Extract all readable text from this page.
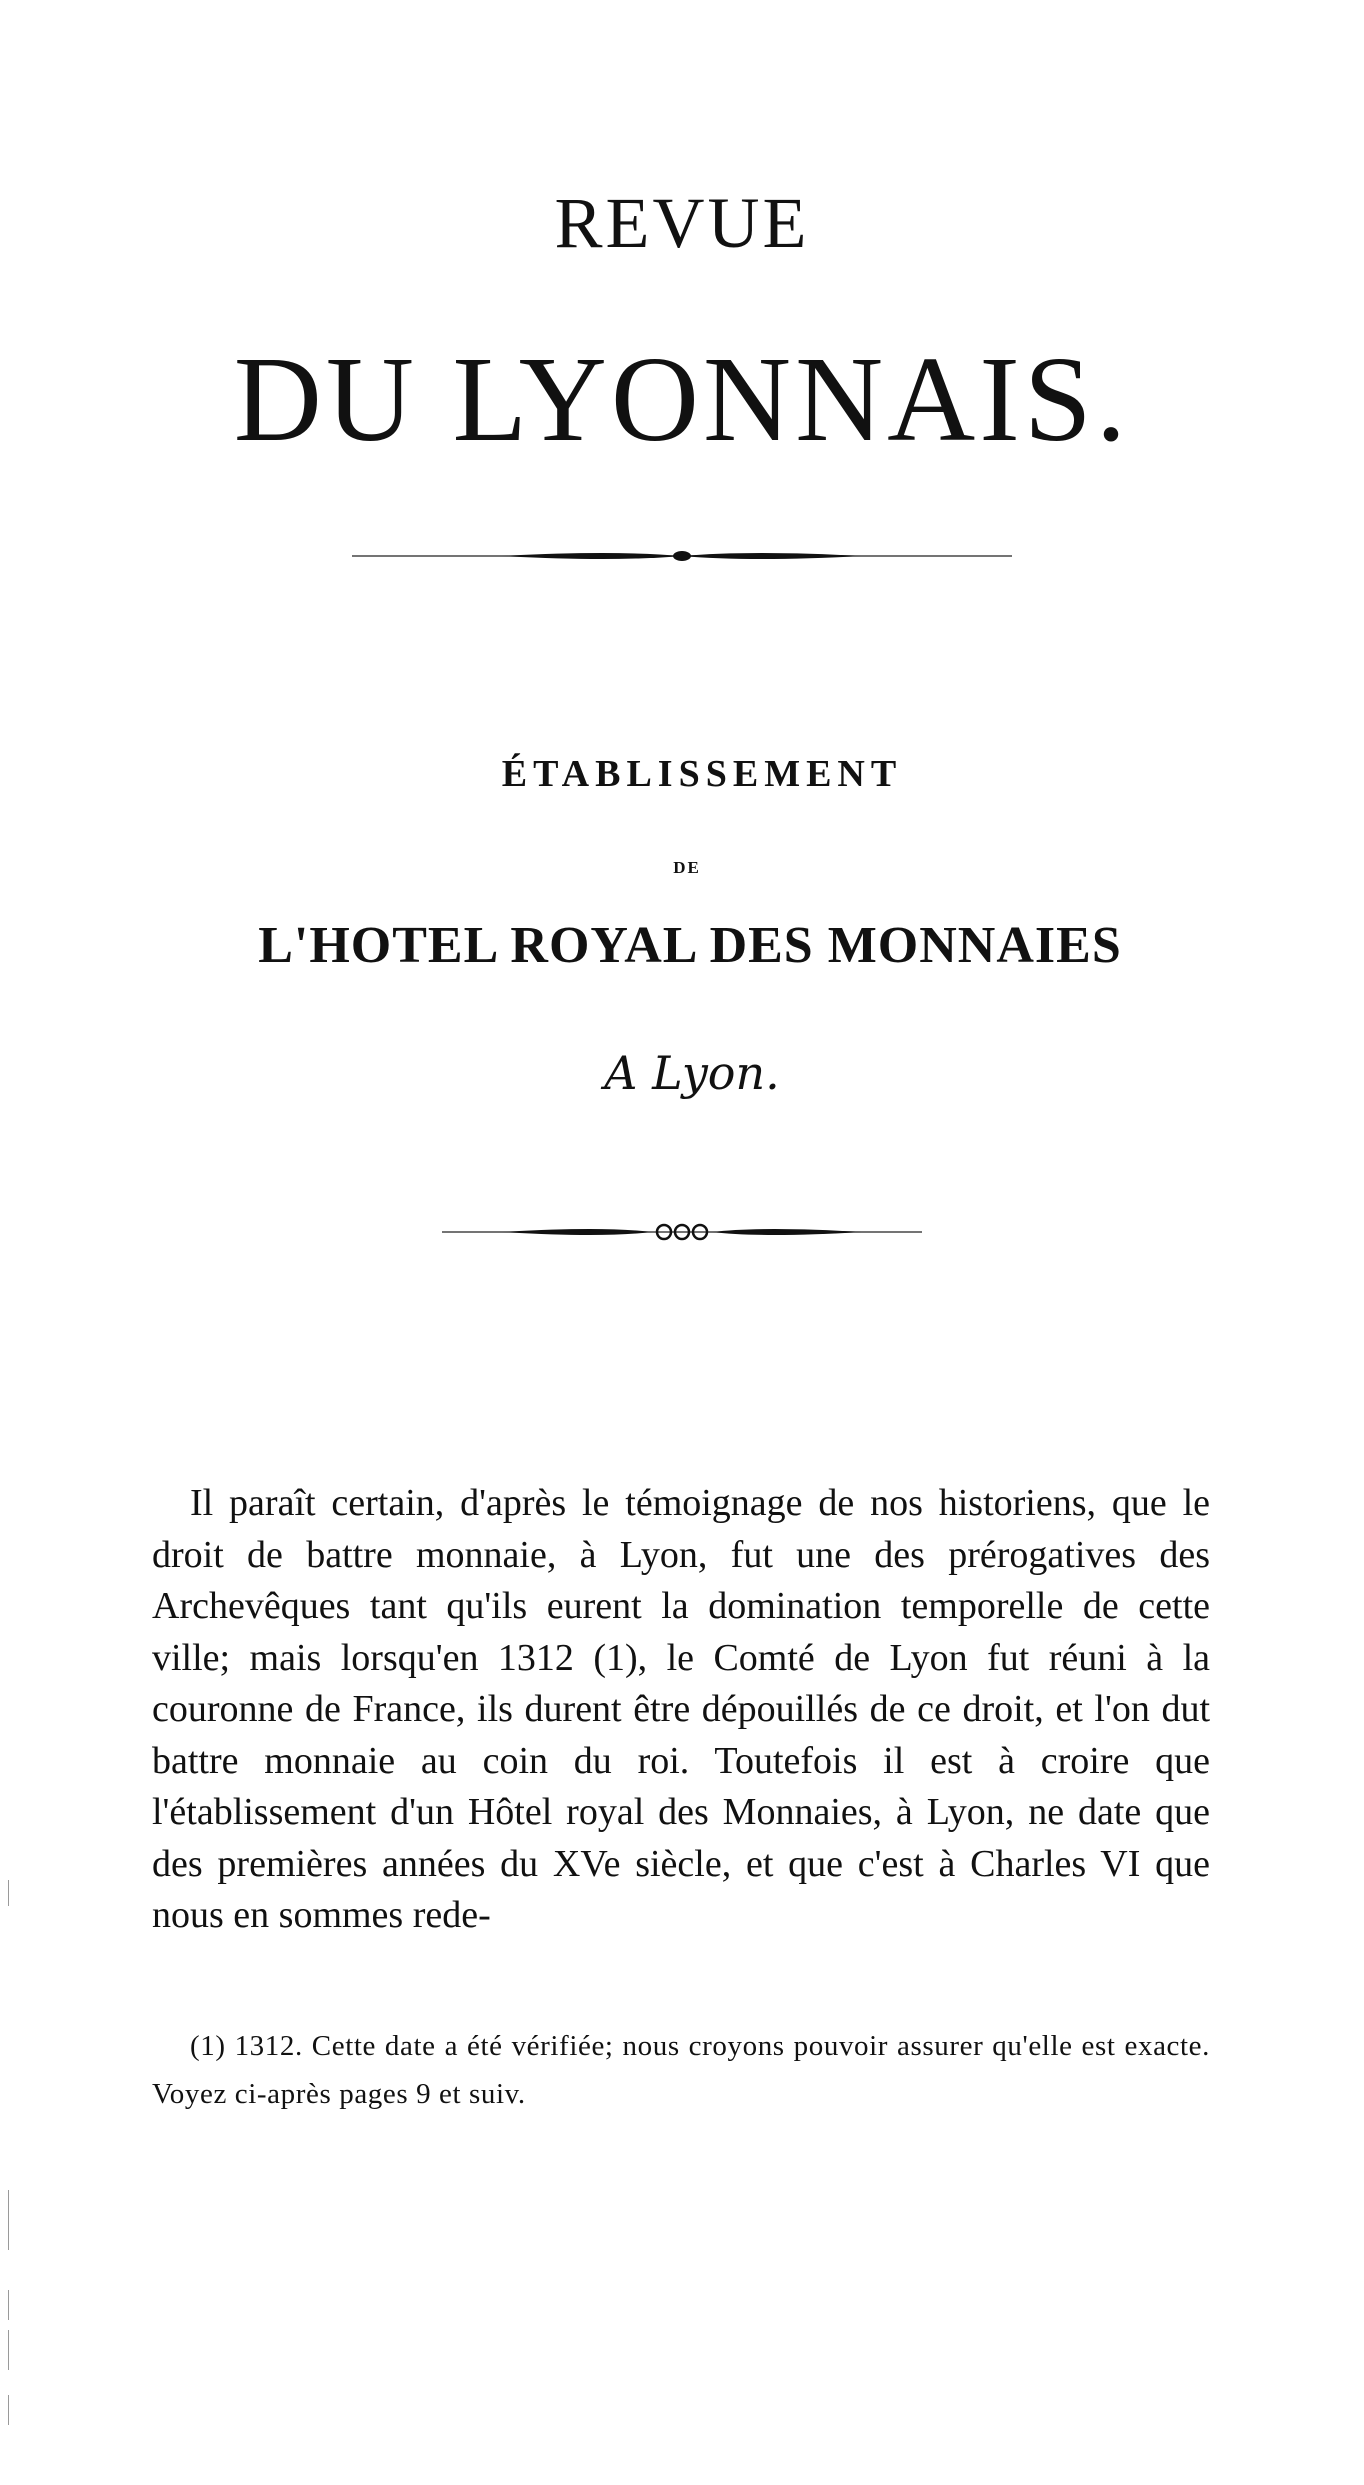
REVUE
DU LYONNAIS.
ÉTABLISSEMENT
DE
L'HOTEL ROYAL DES MONNAIES
A Lyon.

Il paraît certain, d'après le témoignage de nos historiens, que le droit de battre monnaie, à Lyon, fut une des prérogatives des Archevêques tant qu'ils eurent la domination temporelle de cette ville; mais lorsqu'en 1312 (1), le Comté de Lyon fut réuni à la couronne de France, ils durent être dépouillés de ce droit, et l'on dut battre monnaie au coin du roi. Toutefois il est à croire que l'établissement d'un Hôtel royal des Monnaies, à Lyon, ne date que des premières années du XVe siècle, et que c'est à Charles VI que nous en sommes rede-

(1) 1312. Cette date a été vérifiée; nous croyons pouvoir assurer qu'elle est exacte. Voyez ci-après pages 9 et suiv.
